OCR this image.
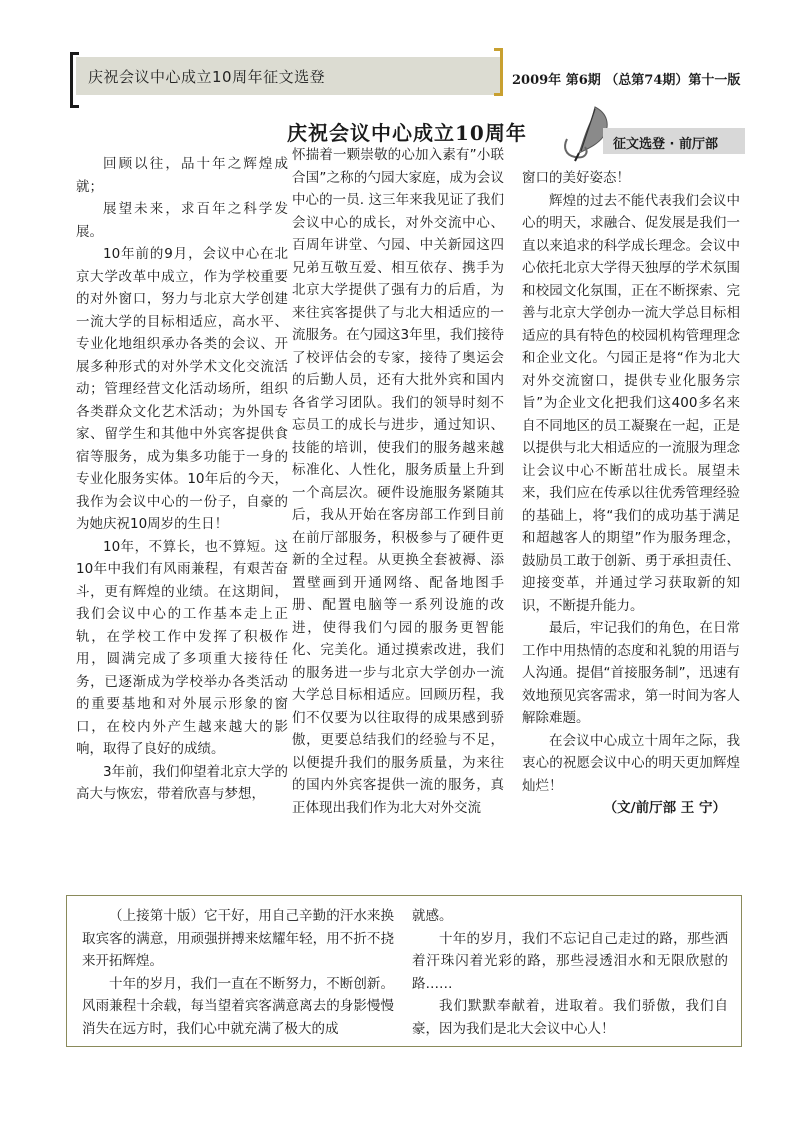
庆祝会议中心成立10周年征文选登	2009年 第6期 （总第74期）第十一版
庆祝会议中心成立10周年	征文选登 · 前厅部

回顾以往，品十年之辉煌成就；

展望未来，求百年之科学发展。

10年前的9月，会议中心在北京大学改革中成立，作为学校重要的对外窗口，努力与北京大学创建一流大学的目标相适应，高水平、专业化地组织承办各类的会议、开展多种形式的对外学术文化交流活动；管理经营文化活动场所，组织各类群众文化艺术活动；为外国专家、留学生和其他中外宾客提供食宿等服务，成为集多功能于一身的专业化服务实体。10年后的今天，我作为会议中心的一份子，自豪的为她庆祝10周岁的生日！

10年，不算长，也不算短。这10年中我们有风雨兼程，有艰苦奋斗，更有辉煌的业绩。在这期间，我们会议中心的工作基本走上正轨，在学校工作中发挥了积极作用，圆满完成了多项重大接待任务，已逐渐成为学校举办各类活动的重要基地和对外展示形象的窗口，在校内外产生越来越大的影响，取得了良好的成绩。

3年前，我们仰望着北京大学的高大与恢宏，带着欣喜与梦想，

怀揣着一颗崇敬的心加入素有”小联合国”之称的勺园大家庭，成为会议中心的一员. 这三年来我见证了我们会议中心的成长，对外交流中心、百周年讲堂、勺园、中关新园这四兄弟互敬互爱、相互依存、携手为北京大学提供了强有力的后盾，为来往宾客提供了与北大相适应的一流服务。在勺园这3年里，我们接待了校评估会的专家，接待了奥运会的后勤人员，还有大批外宾和国内各省学习团队。我们的领导时刻不忘员工的成长与进步，通过知识、技能的培训，使我们的服务越来越标准化、人性化，服务质量上升到一个高层次。硬件设施服务紧随其后，我从开始在客房部工作到目前在前厅部服务，积极参与了硬件更新的全过程。从更换全套被褥、添置壁画到开通网络、配备地图手册、配置电脑等一系列设施的改进，使得我们勺园的服务更智能化、完美化。通过摸索改进，我们的服务进一步与北京大学创办一流大学总目标相适应。回顾历程，我们不仅要为以往取得的成果感到骄傲，更要总结我们的经验与不足，以便提升我们的服务质量，为来往的国内外宾客提供一流的服务，真正体现出我们作为北大对外交流

窗口的美好姿态！

辉煌的过去不能代表我们会议中心的明天，求融合、促发展是我们一直以来追求的科学成长理念。会议中心依托北京大学得天独厚的学术氛围和校园文化氛围，正在不断探索、完善与北京大学创办一流大学总目标相适应的具有特色的校园机构管理理念和企业文化。勺园正是将“作为北大对外交流窗口，提供专业化服务宗旨”为企业文化把我们这400多名来自不同地区的员工凝聚在一起，正是以提供与北大相适应的一流服为理念让会议中心不断茁壮成长。展望未来，我们应在传承以往优秀管理经验的基础上，将“我们的成功基于满足和超越客人的期望”作为服务理念，鼓励员工敢于创新、勇于承担责任、迎接变革，并通过学习获取新的知识，不断提升能力。

最后，牢记我们的角色，在日常工作中用热情的态度和礼貌的用语与人沟通。提倡“首接服务制”，迅速有效地预见宾客需求，第一时间为客人解除难题。

在会议中心成立十周年之际，我衷心的祝愿会议中心的明天更加辉煌灿烂！

（文/前厅部 王 宁）

（上接第十版）它干好，用自己辛勤的汗水来换取宾客的满意，用顽强拼搏来炫耀年轻，用不折不挠来开拓辉煌。

十年的岁月，我们一直在不断努力，不断创新。风雨兼程十余载，每当望着宾客满意离去的身影慢慢消失在远方时，我们心中就充满了极大的成

就感。

十年的岁月，我们不忘记自己走过的路，那些洒着汗珠闪着光彩的路，那些浸透泪水和无限欣慰的路……

我们默默奉献着，进取着。我们骄傲，我们自豪，因为我们是北大会议中心人！
